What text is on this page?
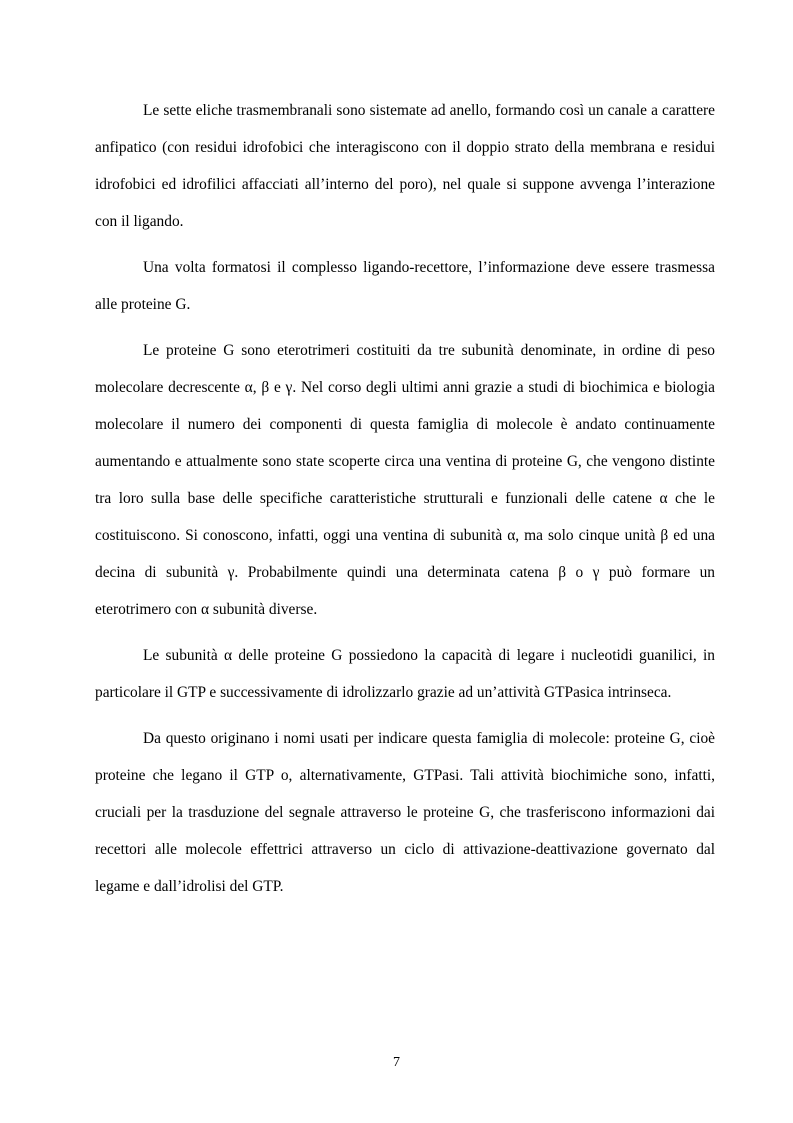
Le sette eliche trasmembranali sono sistemate ad anello, formando così un canale a carattere anfipatico (con residui idrofobici che interagiscono con il doppio strato della membrana e residui idrofobici ed idrofilici affacciati all’interno del poro), nel quale si suppone avvenga l’interazione con il ligando.

Una volta formatosi il complesso ligando-recettore, l’informazione deve essere trasmessa alle proteine G.

Le proteine G sono eterotrimeri costituiti da tre subunità denominate, in ordine di peso molecolare decrescente α, β e γ. Nel corso degli ultimi anni grazie a studi di biochimica e biologia molecolare il numero dei componenti di questa famiglia di molecole è andato continuamente aumentando e attualmente sono state scoperte circa una ventina di proteine G, che vengono distinte tra loro sulla base delle specifiche caratteristiche strutturali e funzionali delle catene α che le costituiscono. Si conoscono, infatti, oggi una ventina di subunità α, ma solo cinque unità β ed una decina di subunità γ. Probabilmente quindi una determinata catena β o γ può formare un eterotrimero con α subunità diverse.

Le subunità α delle proteine G possiedono la capacità di legare i nucleotidi guanilici, in particolare il GTP e successivamente di idrolizzarlo grazie ad un’attività GTPasica intrinseca.

Da questo originano i nomi usati per indicare questa famiglia di molecole: proteine G, cioè proteine che legano il GTP o, alternativamente, GTPasi. Tali attività biochimiche sono, infatti, cruciali per la trasduzione del segnale attraverso le proteine G, che trasferiscono informazioni dai recettori alle molecole effettrici attraverso un ciclo di attivazione-deattivazione governato dal legame e dall’idrolisi del GTP.

7
